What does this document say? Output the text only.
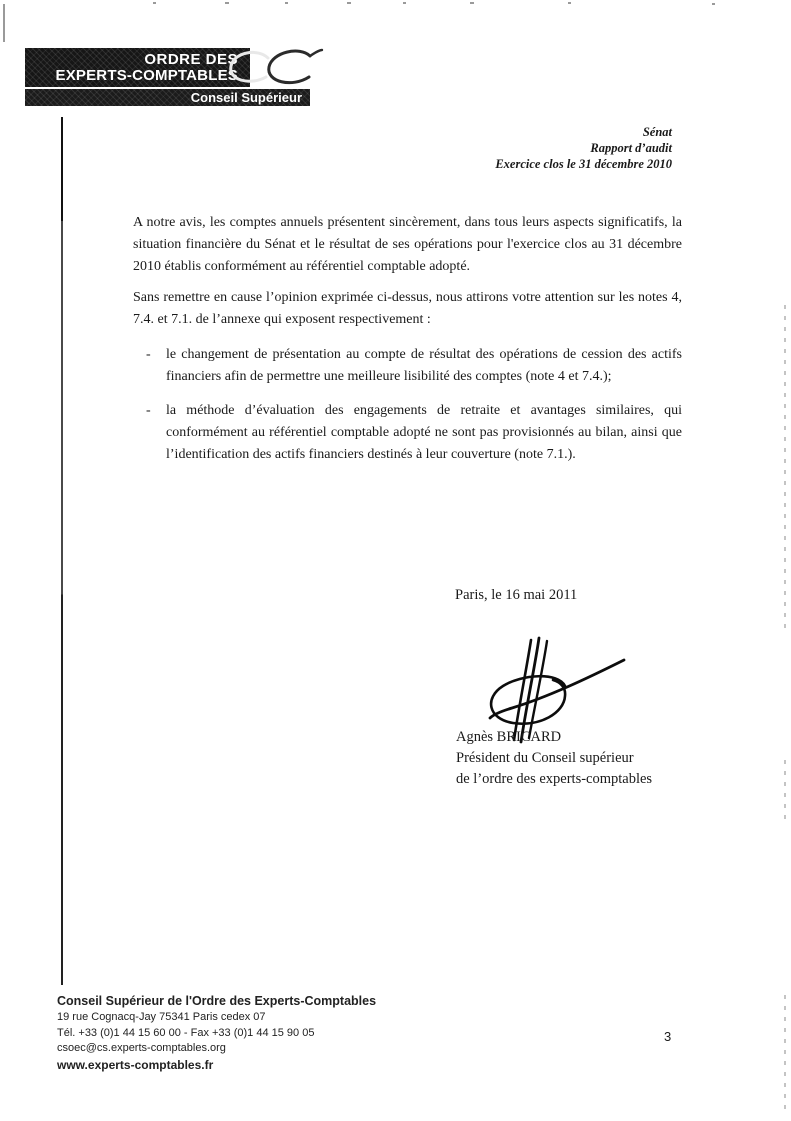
ORDRE DES
EXPERTS-COMPTABLES
Conseil Supérieur
Sénat
Rapport d’audit
Exercice clos le 31 décembre 2010
A notre avis, les comptes annuels présentent sincèrement, dans tous leurs aspects significatifs, la situation financière du Sénat et le résultat de ses opérations pour l'exercice clos au 31 décembre 2010 établis conformément au référentiel comptable adopté.
Sans remettre en cause l’opinion exprimée ci-dessus, nous attirons votre attention sur les notes 4, 7.4. et 7.1. de l’annexe qui exposent respectivement :
-	le changement de présentation au compte de résultat des opérations de cession des actifs financiers afin de permettre une meilleure lisibilité des comptes (note 4 et 7.4.);
-	la méthode d’évaluation des engagements de retraite et avantages similaires, qui conformément au référentiel comptable adopté ne sont pas provisionnés au bilan, ainsi que l’identification des actifs financiers destinés à leur couverture (note 7.1.).
Paris, le 16 mai 2011
Agnès BRICARD
Président du Conseil supérieur
de l’ordre des experts-comptables
Conseil Supérieur de l'Ordre des Experts-Comptables
19 rue Cognacq-Jay 75341 Paris cedex 07
Tél. +33 (0)1 44 15 60 00 - Fax +33 (0)1 44 15 90 05
csoec@cs.experts-comptables.org
www.experts-comptables.fr
3
